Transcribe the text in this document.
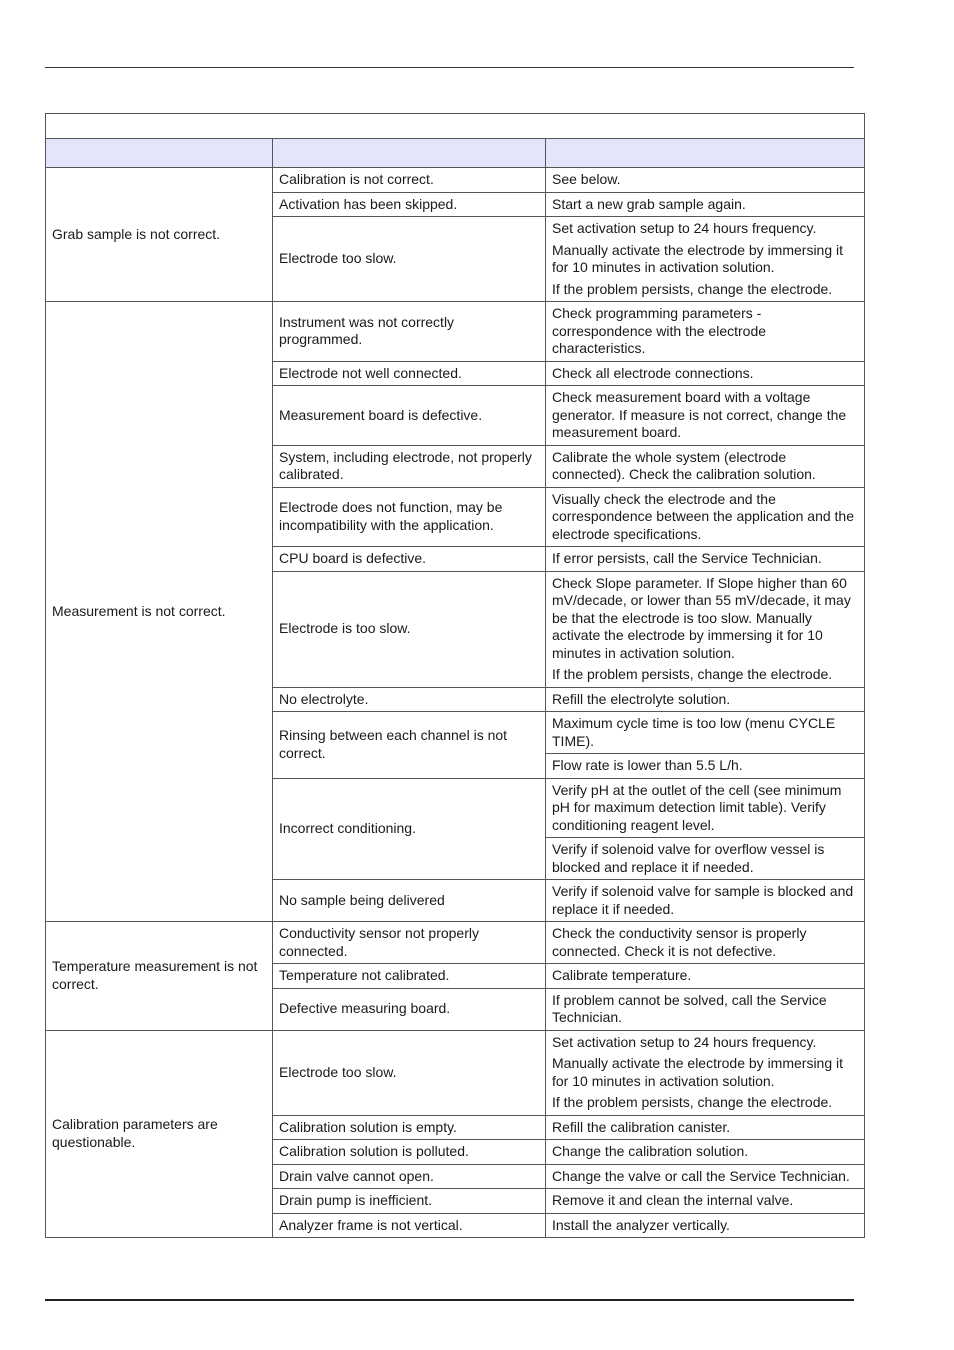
Grab sample is not correct.	Calibration is not correct.	See below.

	Activation has been skipped.	Start a new grab sample again.

	Electrode too slow.	Set activation setup to 24 hours frequency.

Manually activate the electrode by immersing it for 10 minutes in activation solution.

If the problem persists, change the electrode.

Measurement is not correct.	Instrument was not correctly programmed.	Check programming parameters - correspondence with the electrode characteristics.

	Electrode not well connected.	Check all electrode connections.

	Measurement board is defective.	Check measurement board with a voltage generator. If measure is not correct, change the measurement board.

	System, including electrode, not properly calibrated.	Calibrate the whole system (electrode connected). Check the calibration solution.

	Electrode does not function, may be incompatibility with the application.	Visually check the electrode and the correspondence between the application and the electrode specifications.

	CPU board is defective.	If error persists, call the Service Technician.

	Electrode is too slow.	Check Slope parameter. If Slope higher than 60 mV/decade, or lower than 55 mV/decade, it may be that the electrode is too slow. Manually activate the electrode by immersing it for 10 minutes in activation solution.

If the problem persists, change the electrode.

	No electrolyte.	Refill the electrolyte solution.

	Rinsing between each channel is not correct.	Maximum cycle time is too low (menu CYCLE TIME).

Flow rate is lower than 5.5 L/h.

	Incorrect conditioning.	Verify pH at the outlet of the cell (see minimum pH for maximum detection limit table). Verify conditioning reagent level.

Verify if solenoid valve for overflow vessel is blocked and replace it if needed.

	No sample being delivered	Verify if solenoid valve for sample is blocked and replace it if needed.

Temperature measurement is not correct.	Conductivity sensor not properly connected.	Check the conductivity sensor is properly connected. Check it is not defective.

	Temperature not calibrated.	Calibrate temperature.

	Defective measuring board.	If problem cannot be solved, call the Service Technician.

Calibration parameters are questionable.	Electrode too slow.	Set activation setup to 24 hours frequency.

Manually activate the electrode by immersing it for 10 minutes in activation solution.

If the problem persists, change the electrode.

	Calibration solution is empty.	Refill the calibration canister.

	Calibration solution is polluted.	Change the calibration solution.

	Drain valve cannot open.	Change the valve or call the Service Technician.

	Drain pump is inefficient.	Remove it and clean the internal valve.

	Analyzer frame is not vertical.	Install the analyzer vertically.
